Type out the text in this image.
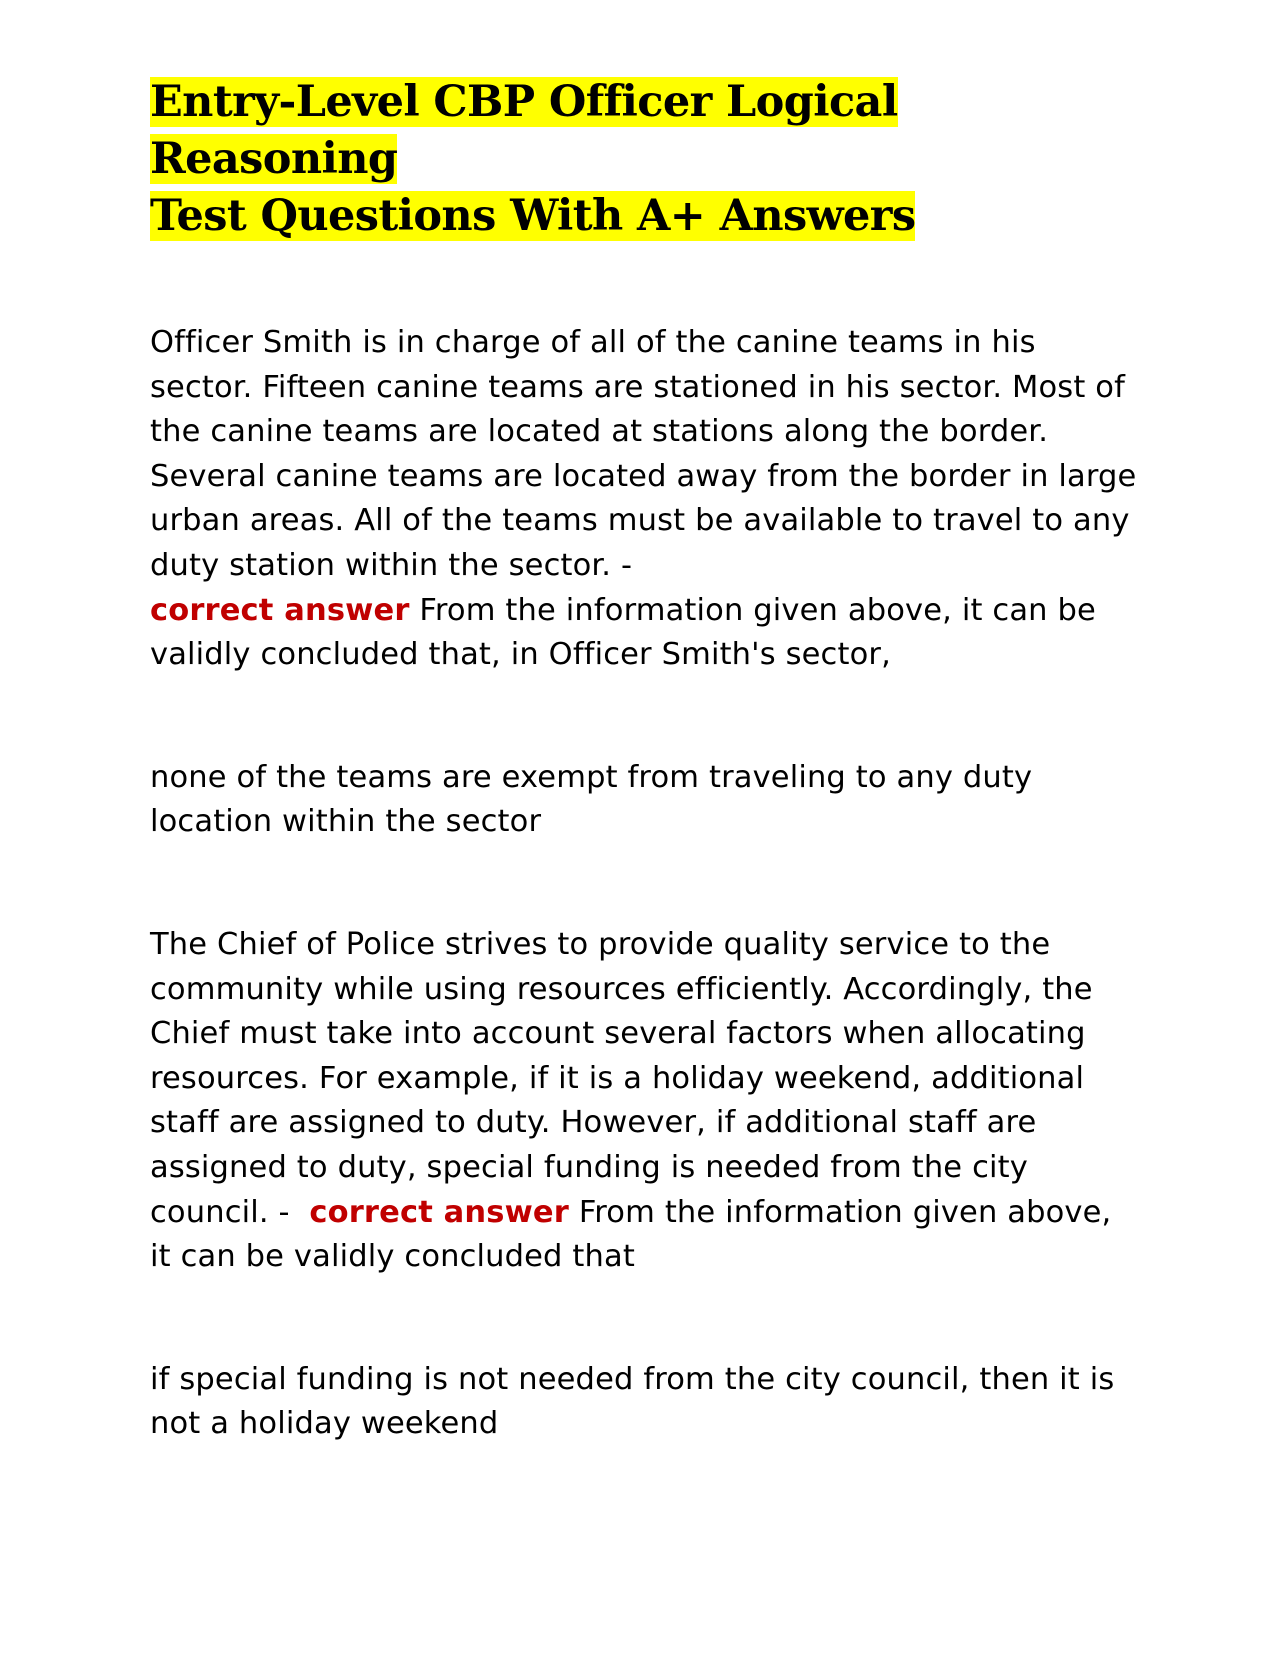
Entry-Level CBP Officer Logical Reasoning
Test Questions With A+ Answers

Officer Smith is in charge of all of the canine teams in his sector. Fifteen canine teams are stationed in his sector. Most of the canine teams are located at stations along the border. Several canine teams are located away from the border in large urban areas. All of the teams must be available to travel to any duty station within the sector. -
correct answer From the information given above, it can be validly concluded that, in Officer Smith's sector,

none of the teams are exempt from traveling to any duty location within the sector

The Chief of Police strives to provide quality service to the community while using resources efficiently. Accordingly, the Chief must take into account several factors when allocating resources. For example, if it is a holiday weekend, additional staff are assigned to duty. However, if additional staff are assigned to duty, special funding is needed from the city council. - correct answer From the information given above, it can be validly concluded that

if special funding is not needed from the city council, then it is not a holiday weekend
